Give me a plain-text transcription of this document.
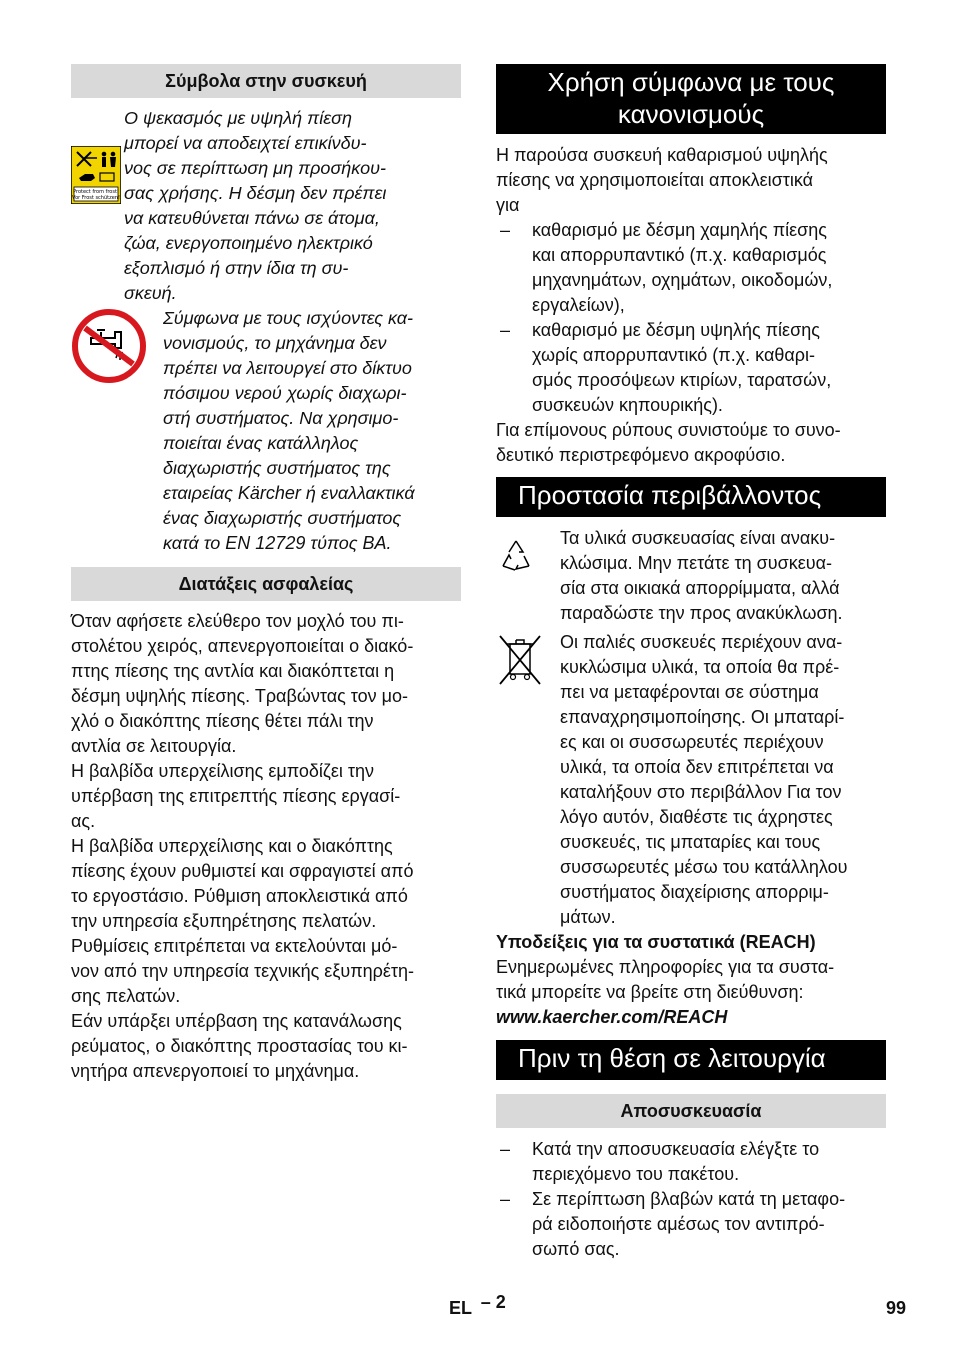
Σύμβολα στην συσκευή
Protect from frost!
Vor Frost schützen!

Ο ψεκασμός με υψηλή πίεση

μπορεί να αποδειχτεί επικίνδυ-

νος σε περίπτωση μη προσήκου-

σας χρήσης. Η δέσμη δεν πρέπει

να κατευθύνεται πάνω σε άτομα,

ζώα, ενεργοποιημένο ηλεκτρικό

εξοπλισμό ή στην ίδια τη συ-

σκευή.

Σύμφωνα με τους ισχύοντες κα-

νονισμούς, το μηχάνημα δεν

πρέπει να λειτουργεί στο δίκτυο

πόσιμου νερού χωρίς διαχωρι-

στή συστήματος. Να χρησιμο-

ποιείται ένας κατάλληλος

διαχωριστής συστήματος της

εταιρείας Kärcher ή εναλλακτικά

ένας διαχωριστής συστήματος

κατά το EN 12729 τύπος BA.

Διατάξεις ασφαλείας

Όταν αφήσετε ελεύθερο τον μοχλό του πι-

στολέτου χειρός, απενεργοποιείται ο διακό-

πτης πίεσης της αντλία και διακόπτεται η

δέσμη υψηλής πίεσης. Τραβώντας τον μο-

χλό ο διακόπτης πίεσης θέτει πάλι την

αντλία σε λειτουργία.

Η βαλβίδα υπερχείλισης εμποδίζει την

υπέρβαση της επιτρεπτής πίεσης εργασί-

ας.

Η βαλβίδα υπερχείλισης και ο διακόπτης

πίεσης έχουν ρυθμιστεί και σφραγιστεί από

το εργοστάσιο. Ρύθμιση αποκλειστικά από

την υπηρεσία εξυπηρέτησης πελατών.

Ρυθμίσεις επιτρέπεται να εκτελούνται μό-

νον από την υπηρεσία τεχνικής εξυπηρέτη-

σης πελατών.

Εάν υπάρξει υπέρβαση της κατανάλωσης

ρεύματος, ο διακόπτης προστασίας του κι-

νητήρα απενεργοποιεί το μηχάνημα.

Χρήση σύμφωνα με τους
κανονισμούς

Η παρούσα συσκευή καθαρισμού υψηλής

πίεσης να χρησιμοποιείται αποκλειστικά

για

–	καθαρισμό με δέσμη χαμηλής πίεσης

και απορρυπαντικό (π.χ. καθαρισμός

μηχανημάτων, οχημάτων, οικοδομών,

εργαλείων),

–	καθαρισμό με δέσμη υψηλής πίεσης

χωρίς απορρυπαντικό (π.χ. καθαρι-

σμός προσόψεων κτιρίων, ταρατσών,

συσκευών κηπουρικής).

Για επίμονους ρύπους συνιστούμε το συνο-

δευτικό περιστρεφόμενο ακροφύσιο.

Προστασία περιβάλλοντος

Τα υλικά συσκευασίας είναι ανακυ-

κλώσιμα. Μην πετάτε τη συσκευα-

σία στα οικιακά απορρίμματα, αλλά

παραδώστε την προς ανακύκλωση.

Οι παλιές συσκευές περιέχουν ανα-

κυκλώσιμα υλικά, τα οποία θα πρέ-

πει να μεταφέρονται σε σύστημα

επαναχρησιμοποίησης. Οι μπαταρί-

ες και οι συσσωρευτές περιέχουν

υλικά, τα οποία δεν επιτρέπεται να

καταλήξουν στο περιβάλλον Για τον

λόγο αυτόν, διαθέστε τις άχρηστες

συσκευές, τις μπαταρίες και τους

συσσωρευτές μέσω του κατάλληλου

συστήματος διαχείρισης απορριμ-

μάτων.

Υποδείξεις για τα συστατικά (REACH)

Ενημερωμένες πληροφορίες για τα συστα-

τικά μπορείτε να βρείτε στη διεύθυνση:

www.kaercher.com/REACH

Πριν τη θέση σε λειτουργία
Αποσυσκευασία
–	Κατά την αποσυσκευασία ελέγξτε το

περιεχόμενο του πακέτου.

–	Σε περίπτωση βλαβών κατά τη μεταφο-

ρά ειδοποιήστε αμέσως τον αντιπρό-

σωπό σας.

EL – 2	99
